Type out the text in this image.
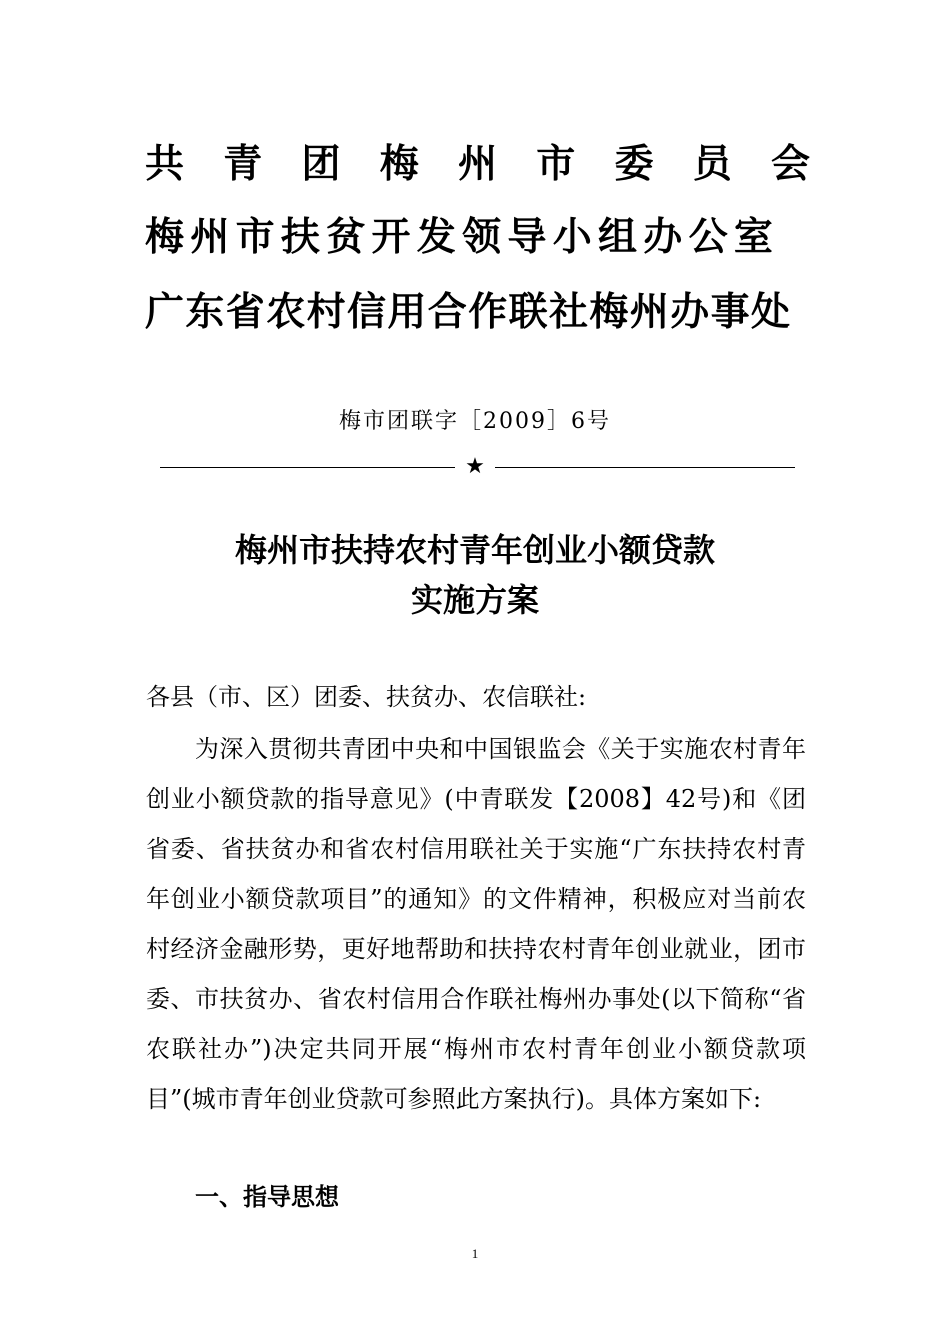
共青团梅州市委员会
梅州市扶贫开发领导小组办公室
广东省农村信用合作联社梅州办事处
梅市团联字［2009］6号
★
梅州市扶持农村青年创业小额贷款
实施方案
各县（市、区）团委、扶贫办、农信联社:
　　为深入贯彻共青团中央和中国银监会《关于实施农村青年创业小额贷款的指导意见》(中青联发【2008】42号)和《团省委、省扶贫办和省农村信用联社关于实施“广东扶持农村青年创业小额贷款项目”的通知》的文件精神，积极应对当前农村经济金融形势，更好地帮助和扶持农村青年创业就业，团市委、市扶贫办、省农村信用合作联社梅州办事处(以下简称“省农联社办”)决定共同开展“梅州市农村青年创业小额贷款项目”(城市青年创业贷款可参照此方案执行)。具体方案如下:
一、指导思想
1
